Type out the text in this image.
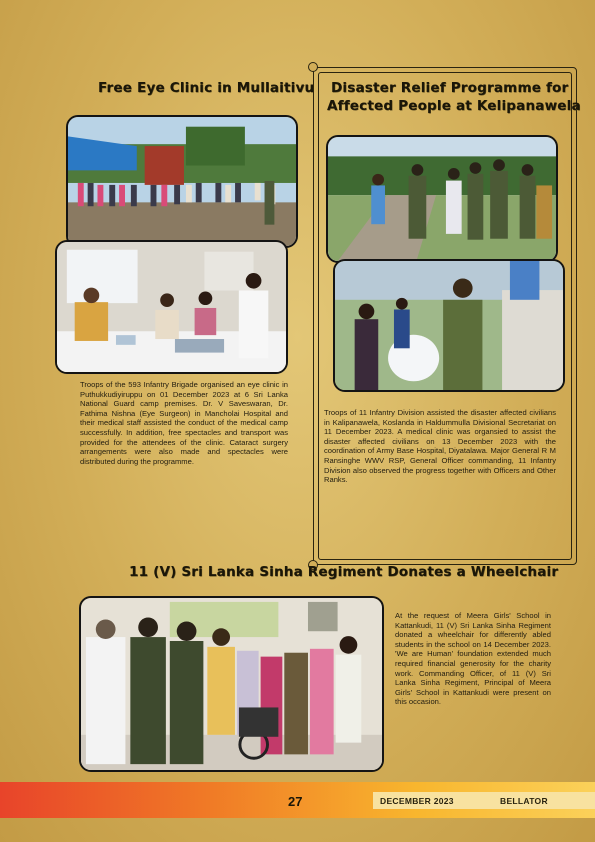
Free Eye Clinic in Mullaitivu

Troops of the 593 Infantry Brigade organised an eye clinic in Puthukkudiyiruppu on 01 December 2023 at 6 Sri Lanka National Guard camp premises. Dr. V Saveswaran, Dr. Fathima Nishna (Eye Surgeon) in Mancholai Hospital and their medical staff assisted the conduct of the medical camp successfully. In addition, free spectacles and transport was provided for the attendees of the clinic. Cataract surgery arrangements were also made and spectacles were distributed during the programme.

Disaster Relief Programme for
Affected People at Kelipanawela

Troops of 11 Infantry Division assisted the disaster affected civilians in Kalipanawela, Koslanda in Haldummulla Divisional Secretariat on 11 December 2023. A medical clinic was organsied to assist the disaster affected civilians on 13 December 2023 with the coordination of Army Base Hospital, Diyatalawa. Major General R M Ransinghe WWV RSP, General Officer commanding, 11 Infantry Division also observed the progress together with Officers and Other Ranks.

11 (V) Sri Lanka Sinha Regiment Donates a Wheelchair

At the request of Meera Girls' School in Kattankudi, 11 (V) Sri Lanka Sinha Regiment donated a wheelchair for differently abled students in the school on 14 December 2023. 'We are Human' foundation extended much required financial generosity for the charity work. Commanding Officer, of 11 (V) Sri Lanka Sinha Regiment, Principal of Meera Girls' School in Kattankudi were present on this occasion.

27	DECEMBER 2023	BELLATOR
